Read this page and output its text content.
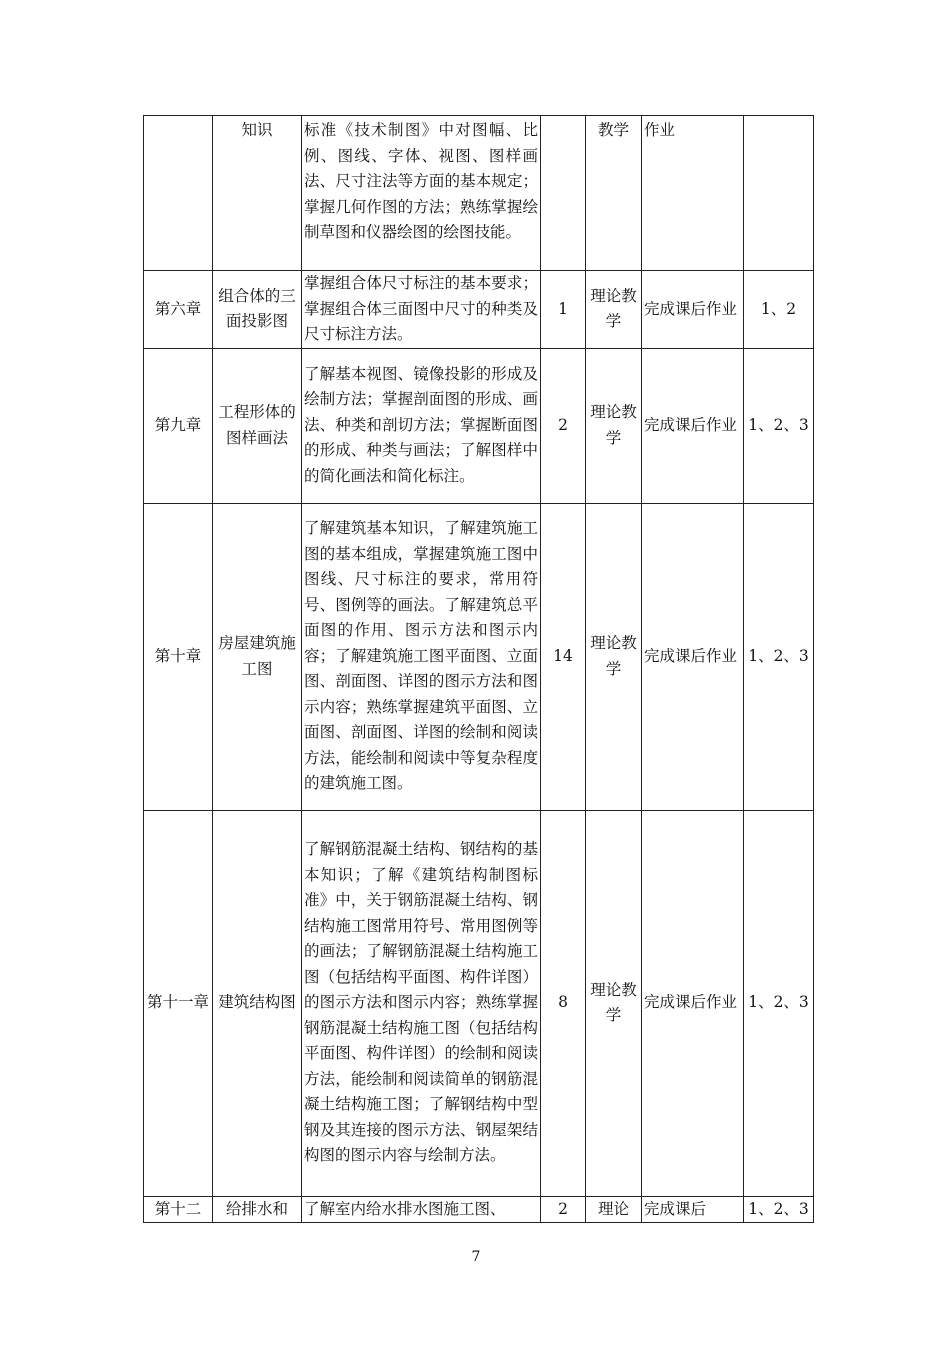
	知识	标准《技术制图》中对图幅、比例、图线、字体、视图、图样画法、尺寸注法等方面的基本规定；掌握几何作图的方法；熟练掌握绘制草图和仪器绘图的绘图技能。		教学	作业	
第六章	组合体的三面投影图	掌握组合体尺寸标注的基本要求；掌握组合体三面图中尺寸的种类及尺寸标注方法。	1	理论教学	完成课后作业	1、2
第九章	工程形体的图样画法	了解基本视图、镜像投影的形成及绘制方法；掌握剖面图的形成、画法、种类和剖切方法；掌握断面图的形成、种类与画法；了解图样中的简化画法和简化标注。	2	理论教学	完成课后作业	1、2、3
第十章	房屋建筑施工图	了解建筑基本知识，了解建筑施工图的基本组成，掌握建筑施工图中图线、尺寸标注的要求，常用符号、图例等的画法。了解建筑总平面图的作用、图示方法和图示内容；了解建筑施工图平面图、立面图、剖面图、详图的图示方法和图示内容；熟练掌握建筑平面图、立面图、剖面图、详图的绘制和阅读方法，能绘制和阅读中等复杂程度的建筑施工图。	14	理论教学	完成课后作业	1、2、3
第十一章	建筑结构图	了解钢筋混凝土结构、钢结构的基本知识；了解《建筑结构制图标准》中，关于钢筋混凝土结构、钢结构施工图常用符号、常用图例等的画法；了解钢筋混凝土结构施工图（包括结构平面图、构件详图）的图示方法和图示内容；熟练掌握钢筋混凝土结构施工图（包括结构平面图、构件详图）的绘制和阅读方法，能绘制和阅读简单的钢筋混凝土结构施工图；了解钢结构中型钢及其连接的图示方法、钢屋架结构图的图示内容与绘制方法。	8	理论教学	完成课后作业	1、2、3
第十二	给排水和	了解室内给水排水图施工图、	2	理论	完成课后	1、2、3
7
